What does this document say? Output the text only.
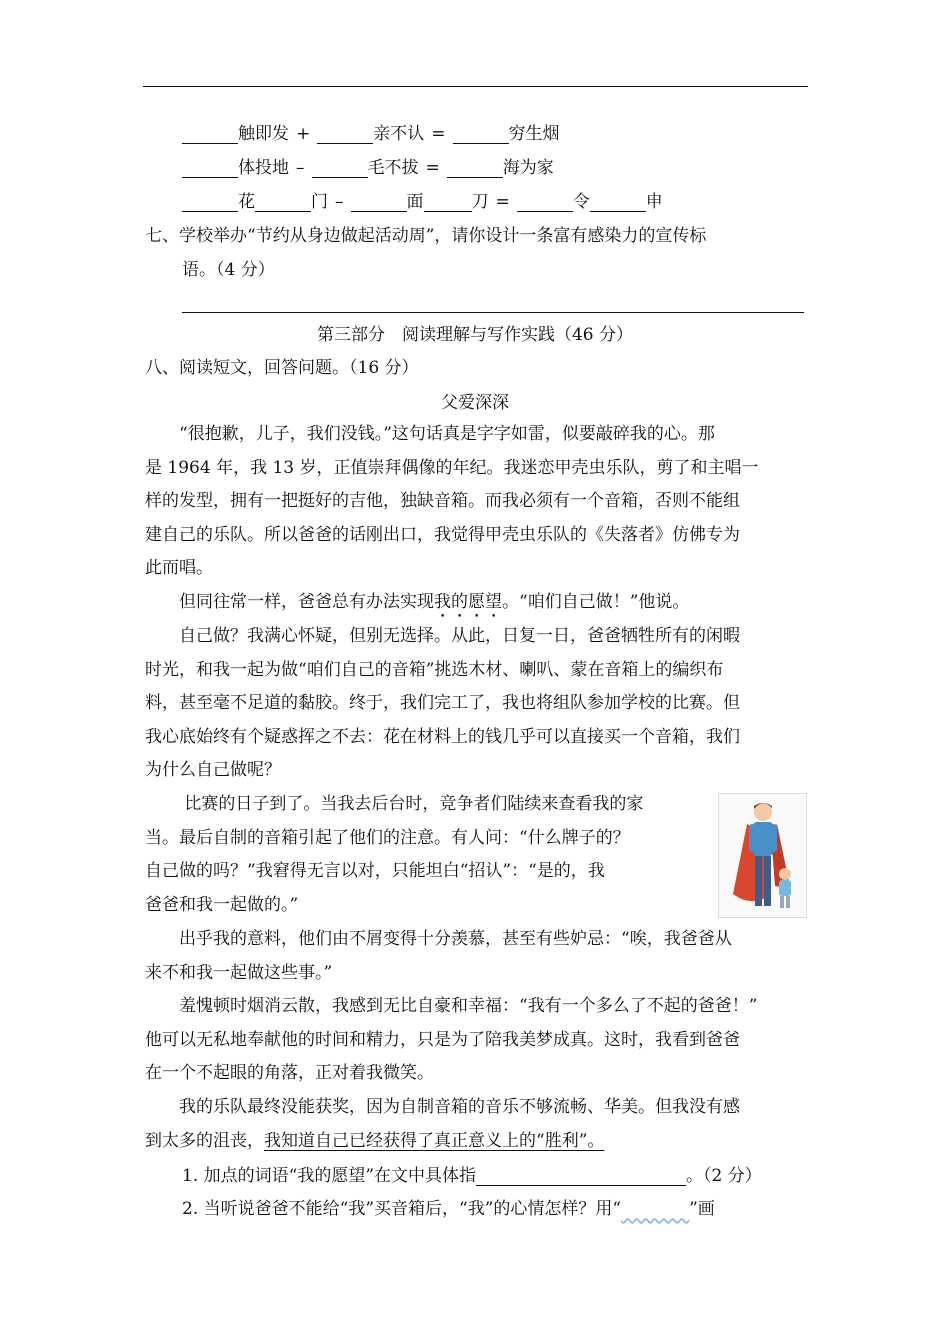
触即发 +	亲不认 =	穷生烟
体投地 –	毛不拔 =	海为家
花	门 –	面	刀 =	令	申
七、学校举办“节约从身边做起活动周”，请你设计一条富有感染力的宣传标
语。（4 分）
第三部分　阅读理解与写作实践（46 分）
八、阅读短文，回答问题。（16 分）
父爱深深
　　“很抱歉，儿子，我们没钱。”这句话真是字字如雷，似要敲碎我的心。那
是 1964 年，我 13 岁，正值崇拜偶像的年纪。我迷恋甲壳虫乐队，剪了和主唱一
样的发型，拥有一把挺好的吉他，独缺音箱。而我必须有一个音箱，否则不能组
建自己的乐队。所以爸爸的话刚出口，我觉得甲壳虫乐队的《失落者》仿佛专为
此而唱。
　　但同往常一样，爸爸总有办法实现我的愿望。“咱们自己做！”他说。
　　自己做？我满心怀疑，但别无选择。从此，日复一日，爸爸牺牲所有的闲暇
时光，和我一起为做“咱们自己的音箱”挑选木材、喇叭、蒙在音箱上的编织布
料，甚至毫不足道的黏胶。终于，我们完工了，我也将组队参加学校的比赛。但
我心底始终有个疑惑挥之不去：花在材料上的钱几乎可以直接买一个音箱，我们
为什么自己做呢？
　　 比赛的日子到了。当我去后台时，竞争者们陆续来查看我的家
当。最后自制的音箱引起了他们的注意。有人问：“什么牌子的？
自己做的吗？”我窘得无言以对，只能坦白“招认”：“是的，我
爸爸和我一起做的。”
　　出乎我的意料，他们由不屑变得十分羡慕，甚至有些妒忌：“唉，我爸爸从
来不和我一起做这些事。”
　　羞愧顿时烟消云散，我感到无比自豪和幸福：“我有一个多么了不起的爸爸！”
他可以无私地奉献他的时间和精力，只是为了陪我美梦成真。这时，我看到爸爸
在一个不起眼的角落，正对着我微笑。
　　我的乐队最终没能获奖，因为自制音箱的音乐不够流畅、华美。但我没有感
到太多的沮丧，我知道自己已经获得了真正意义上的“胜利”。
1. 加点的词语“我的愿望”在文中具体指	。（2 分）
2. 当听说爸爸不能给“我”买音箱后，“我”的心情怎样？用“	”画
